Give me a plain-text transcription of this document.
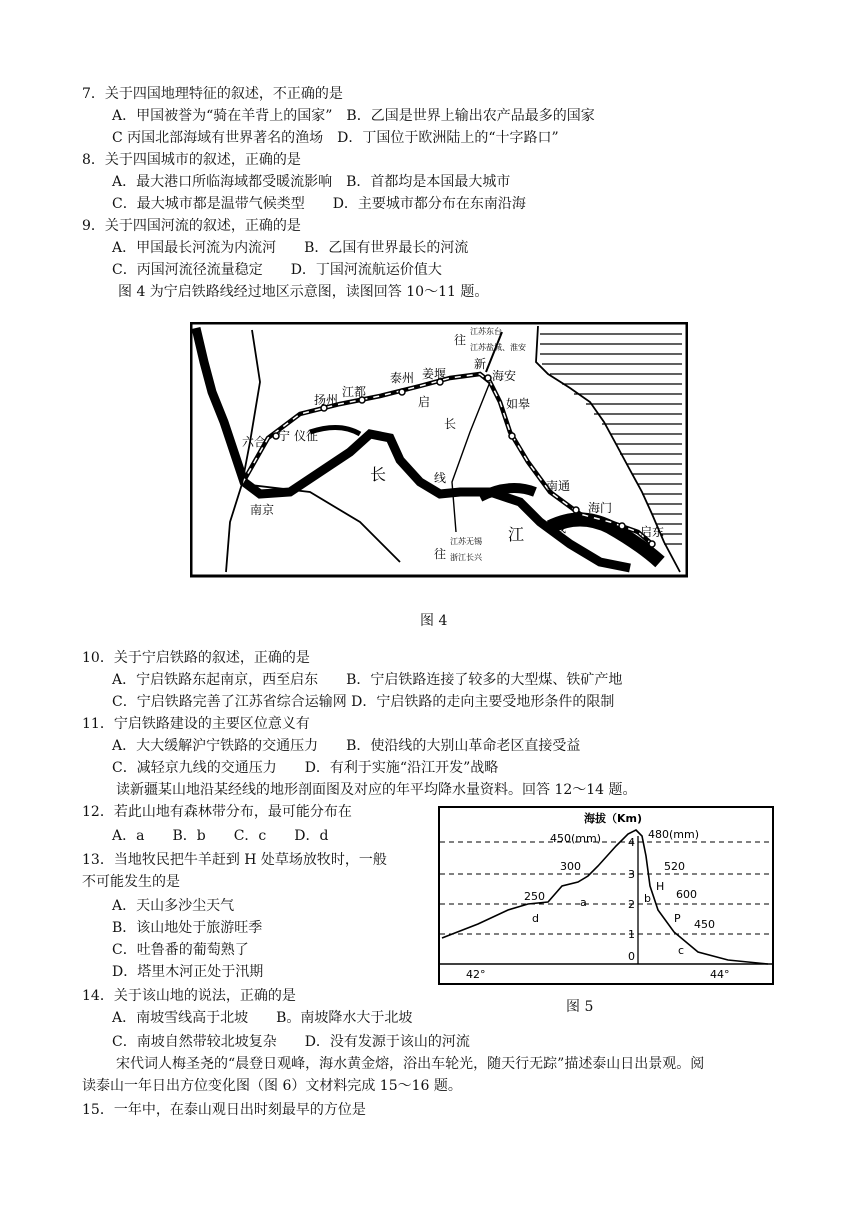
7．关于四国地理特征的叙述，不正确的是
A．甲国被誉为“骑在羊背上的国家”　B．乙国是世界上输出农产品最多的国家
C 丙国北部海域有世界著名的渔场　D．丁国位于欧洲陆上的“十字路口”
8．关于四国城市的叙述，正确的是
A．最大港口所临海域都受暖流影响　B．首都均是本国最大城市
C．最大城市都是温带气候类型　　D．主要城市都分布在东南沿海
9．关于四国河流的叙述，正确的是
A．甲国最长河流为内流河　　B．乙国有世界最长的河流
C．丙国河流径流量稳定　　D．丁国河流航运价值大
图 4 为宁启铁路线经过地区示意图，读图回答 10～11 题。
往
江苏东台
江苏盐城、淮安
新
海安
泰州 姜堰
江都
扬州	启
长
如皋
六合 宁 仪征
长	线
南京
南通
海门
启东
江 线
往
江苏无锡
浙江长兴
图 4
10．关于宁启铁路的叙述，正确的是
A．宁启铁路东起南京，西至启东　　B．宁启铁路连接了较多的大型煤、铁矿产地
C．宁启铁路完善了江苏省综合运输网 D．宁启铁路的走向主要受地形条件的限制
11．宁启铁路建设的主要区位意义有
A．大大缓解沪宁铁路的交通压力　　B．使沿线的大别山革命老区直接受益
C．减轻京九线的交通压力　　D．有利于实施“沿江开发”战略
读新疆某山地沿某经线的地形剖面图及对应的年平均降水量资料。回答 12～14 题。
12．若此山地有森林带分布，最可能分布在
A．a　　B．b　　C．c　　D．d
13．当地牧民把牛羊赶到 H 处草场放牧时，一般
不可能发生的是
A．天山多沙尘天气
B．该山地处于旅游旺季
C．吐鲁番的葡萄熟了
D．塔里木河正处于汛期
14．关于该山地的说法，正确的是
A．南坡雪线高于北坡　　B。南坡降水大于北坡
C．南坡自然带较北坡复杂　　D．没有发源于该山的河流
海拔（Km)
4
3
2
1
0
450(mm)
300
250
480(mm)
520
600
450
a	b
c
d
H
P
42°	44°
图 5
宋代词人梅圣尧的“晨登日观峰，海水黄金熔，浴出车轮光，随天行无踪”描述泰山日出景观。阅
读泰山一年日出方位变化图（图 6）文材料完成 15～16 题。
15．一年中，在泰山观日出时刻最早的方位是
